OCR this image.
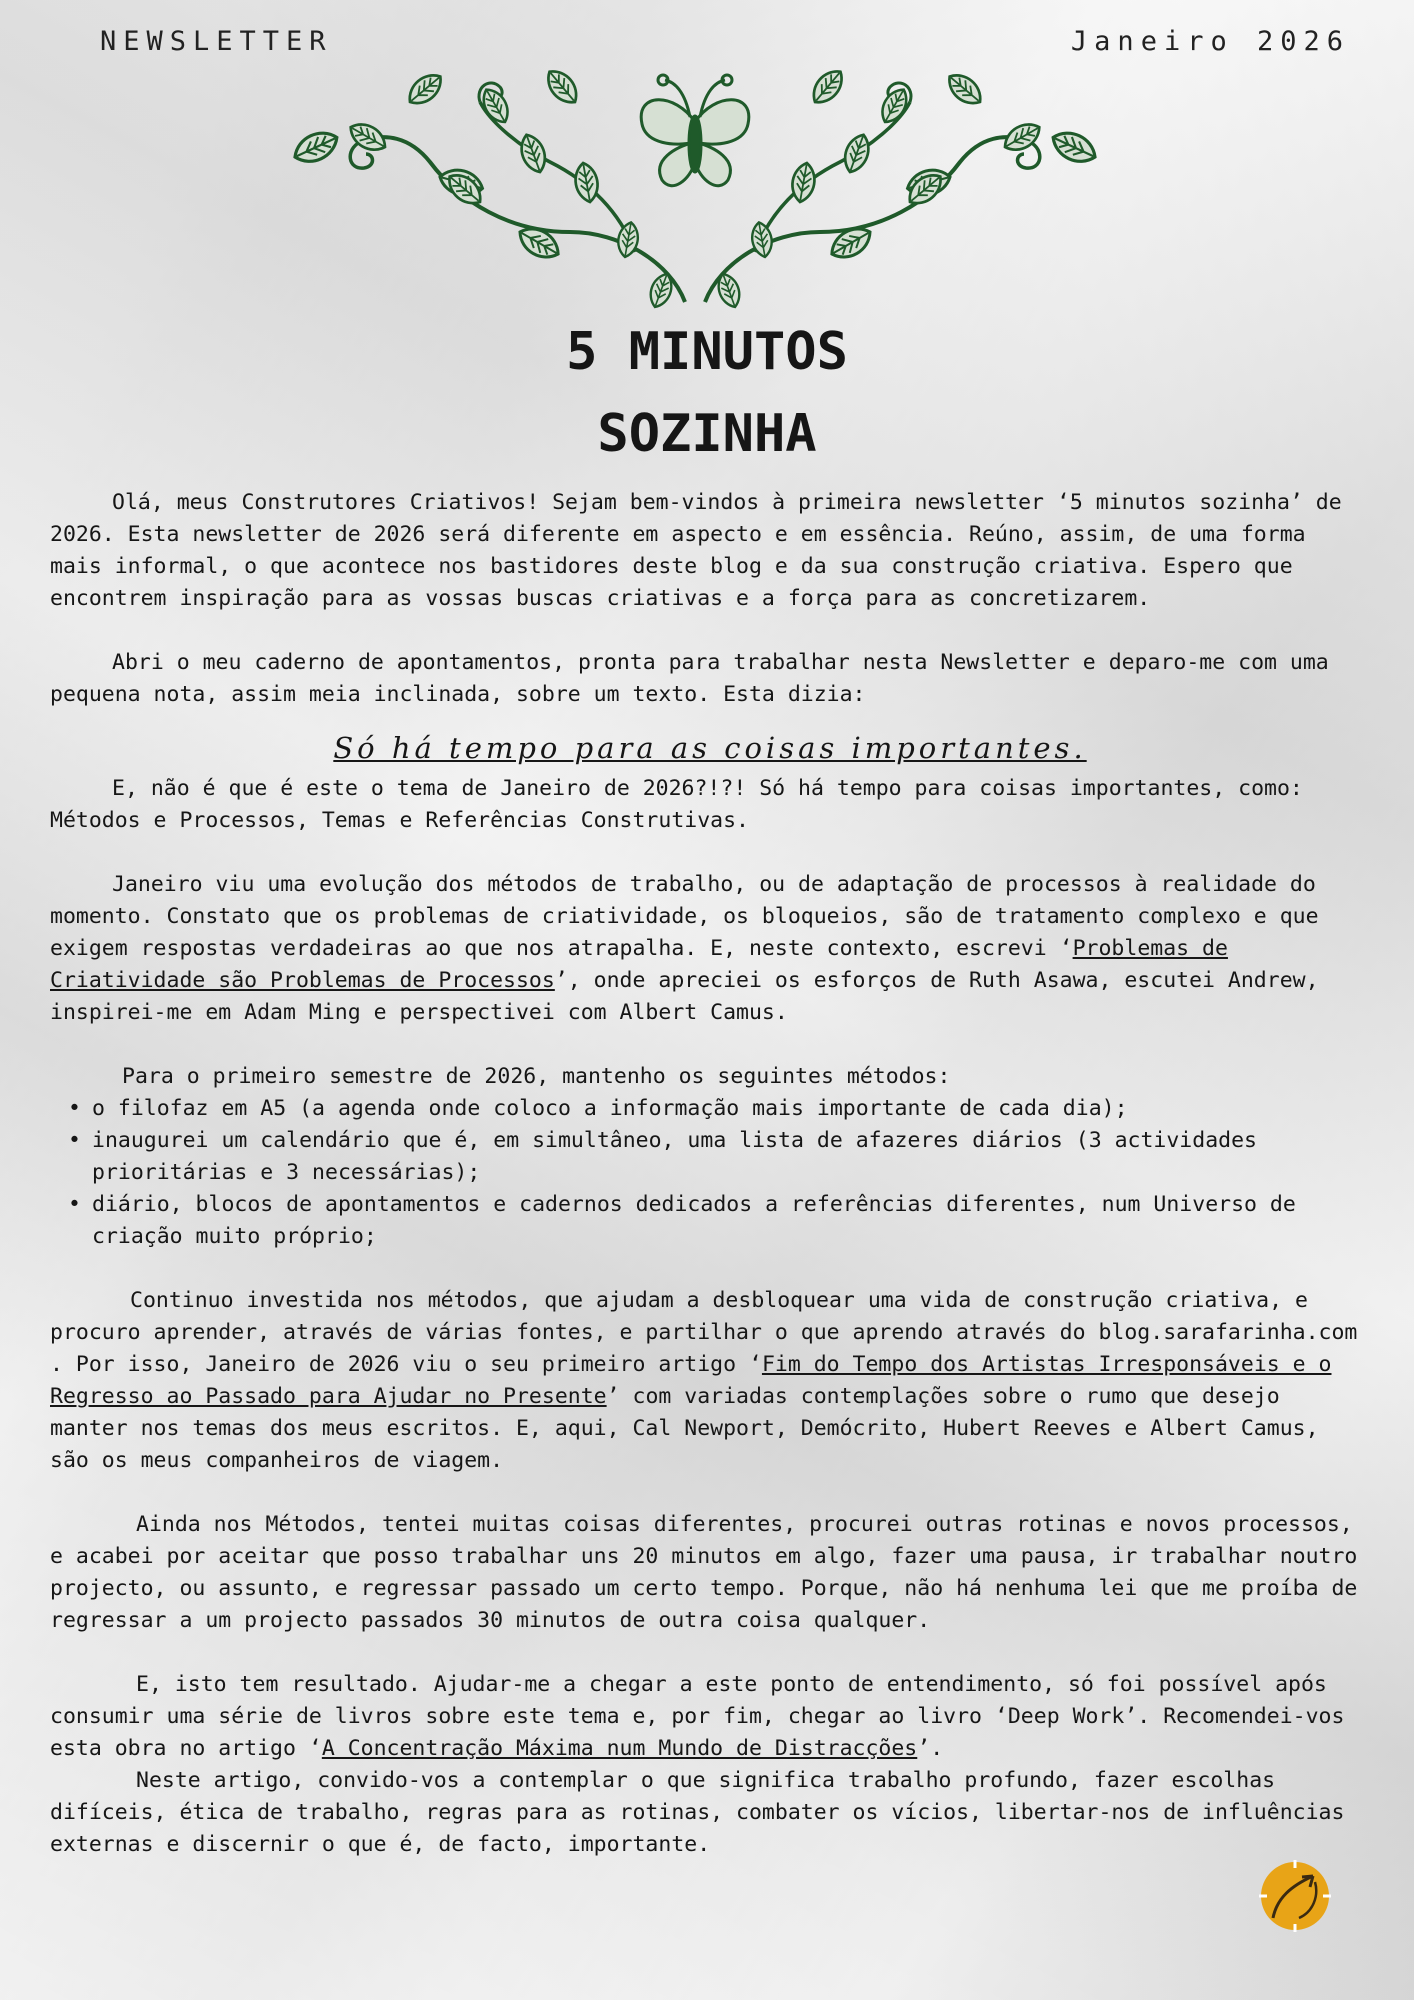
NEWSLETTER	Janeiro 2026
5 MINUTOS
SOZINHA

Olá, meus Construtores Criativos! Sejam bem-vindos à primeira newsletter ‘5 minutos sozinha’ de 2026. Esta newsletter de 2026 será diferente em aspecto e em essência. Reúno, assim, de uma forma mais informal, o que acontece nos bastidores deste blog e da sua construção criativa. Espero que encontrem inspiração para as vossas buscas criativas e a força para as concretizarem.

Abri o meu caderno de apontamentos, pronta para trabalhar nesta Newsletter e deparo-me com uma pequena nota, assim meia inclinada, sobre um texto. Esta dizia:

Só há tempo para as coisas importantes.

E, não é que é este o tema de Janeiro de 2026?!?! Só há tempo para coisas importantes, como: Métodos e Processos, Temas e Referências Construtivas.

Janeiro viu uma evolução dos métodos de trabalho, ou de adaptação de processos à realidade do momento. Constato que os problemas de criatividade, os bloqueios, são de tratamento complexo e que exigem respostas verdadeiras ao que nos atrapalha. E, neste contexto, escrevi ‘Problemas de Criatividade são Problemas de Processos’, onde apreciei os esforços de Ruth Asawa, escutei Andrew, inspirei-me em Adam Ming e perspectivei com Albert Camus.

Para o primeiro semestre de 2026, mantenho os seguintes métodos:

• o filofaz em A5 (a agenda onde coloco a informação mais importante de cada dia);
• inaugurei um calendário que é, em simultâneo, uma lista de afazeres diários (3 actividades prioritárias e 3 necessárias);
• diário, blocos de apontamentos e cadernos dedicados a referências diferentes, num Universo de criação muito próprio;

Continuo investida nos métodos, que ajudam a desbloquear uma vida de construção criativa, e procuro aprender, através de várias fontes, e partilhar o que aprendo através do blog.sarafarinha.com . Por isso, Janeiro de 2026 viu o seu primeiro artigo ‘Fim do Tempo dos Artistas Irresponsáveis e o Regresso ao Passado para Ajudar no Presente’ com variadas contemplações sobre o rumo que desejo manter nos temas dos meus escritos. E, aqui, Cal Newport, Demócrito, Hubert Reeves e Albert Camus, são os meus companheiros de viagem.

Ainda nos Métodos, tentei muitas coisas diferentes, procurei outras rotinas e novos processos, e acabei por aceitar que posso trabalhar uns 20 minutos em algo, fazer uma pausa, ir trabalhar noutro projecto, ou assunto, e regressar passado um certo tempo. Porque, não há nenhuma lei que me proíba de regressar a um projecto passados 30 minutos de outra coisa qualquer.

E, isto tem resultado. Ajudar-me a chegar a este ponto de entendimento, só foi possível após consumir uma série de livros sobre este tema e, por fim, chegar ao livro ‘Deep Work’. Recomendei-vos esta obra no artigo ‘A Concentração Máxima num Mundo de Distracções’.

Neste artigo, convido-vos a contemplar o que significa trabalho profundo, fazer escolhas difíceis, ética de trabalho, regras para as rotinas, combater os vícios, libertar-nos de influências externas e discernir o que é, de facto, importante.
